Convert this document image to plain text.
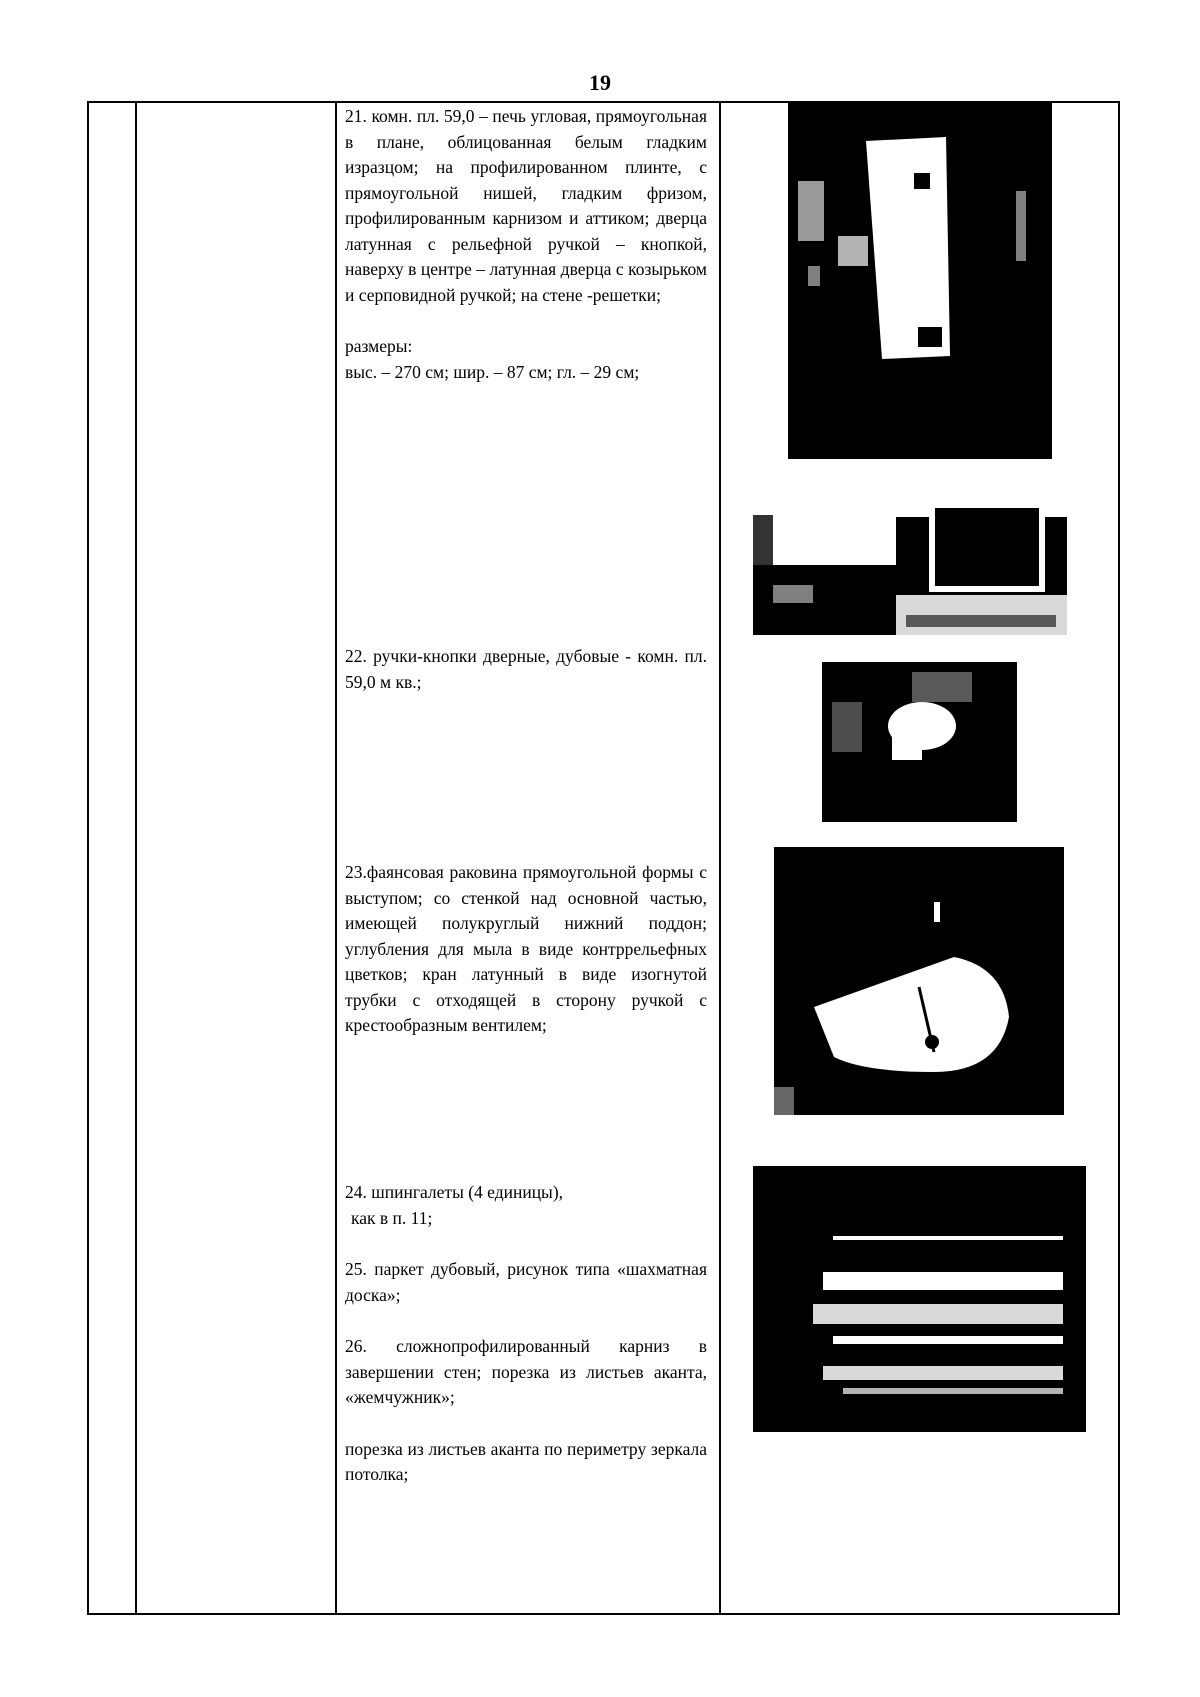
19

21. комн. пл. 59,0 – печь угловая, прямоугольная в плане, облицованная белым гладким изразцом; на профилированном плинте, с прямоугольной нишей, гладким фризом, профилированным карнизом и аттиком; дверца латунная с рельефной ручкой – кнопкой, наверху в центре – латунная дверца с козырьком и серповидной ручкой; на стене -решетки;

размеры:

выс. – 270 см; шир. – 87 см; гл. – 29 см;

22. ручки-кнопки дверные, дубовые - комн. пл. 59,0 м кв.;

23.фаянсовая раковина прямоугольной формы с выступом; со стенкой над основной частью, имеющей полукруглый нижний поддон; углубления для мыла в виде контррельефных цветков; кран латунный в виде изогнутой трубки с отходящей в сторону ручкой с крестообразным вентилем;

24. шпингалеты (4 единицы),

как в п. 11;

25. паркет дубовый, рисунок типа «шахматная доска»;

26. сложнопрофилированный карниз в завершении стен; порезка из листьев аканта, «жемчужник»;

порезка из листьев аканта по периметру зеркала потолка;
